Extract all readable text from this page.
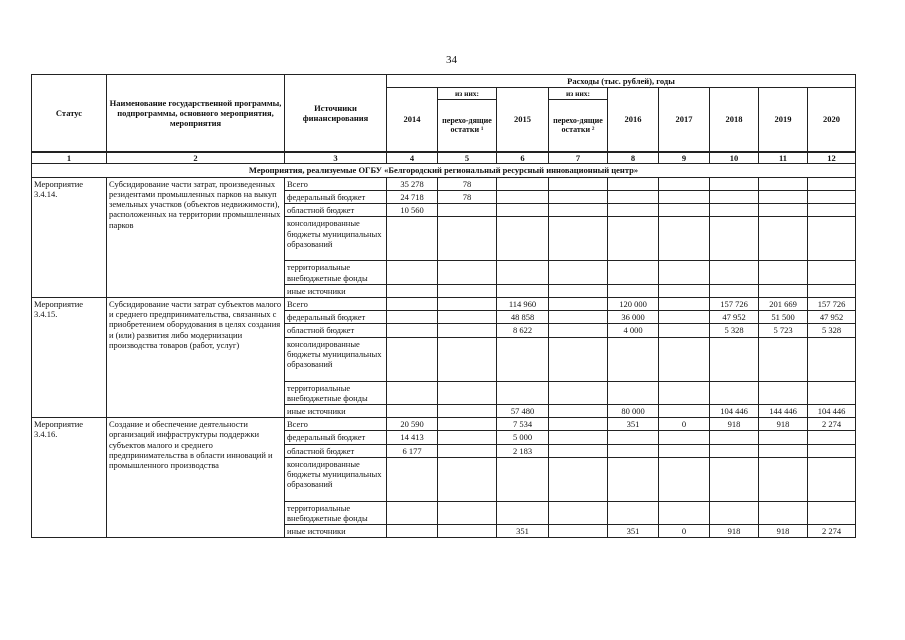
34
Статус	Наименование государственной программы, подпрограммы, основного мероприятия, мероприятия	Источники финансирования	Расходы (тыс. рублей), годы								
			2014	из них:	2015	из них:	2016	2017	2018	2019	2020
				перехо-дящие остатки ¹		перехо-дящие остатки ²					
1	2	3	4	5	6	7	8	9	10	11	12
Мероприятия, реализуемые ОГБУ «Белгородский региональный ресурсный инновационный центр»											
Мероприятие 3.4.14.	Субсидирование части затрат, произведенных резидентами промышленных парков на выкуп земельных участков (объектов недвижимости), расположенных на территории промышленных парков	Всего	35 278	78							
		федеральный бюджет	24 718	78							
		областной бюджет	10 560								
		консолидированные бюджеты муниципальных образований									
		территориальные внебюджетные фонды									
		иные источники									
Мероприятие 3.4.15.	Субсидирование части затрат субъектов малого и среднего предпринимательства, связанных с приобретением оборудования в целях создания и (или) развития либо модернизации производства товаров (работ, услуг)	Всего			114 960		120 000		157 726	201 669	157 726
		федеральный бюджет			48 858		36 000		47 952	51 500	47 952
		областной бюджет			8 622		4 000		5 328	5 723	5 328
		консолидированные бюджеты муниципальных образований									
		территориальные внебюджетные фонды									
		иные источники			57 480		80 000		104 446	144 446	104 446
Мероприятие 3.4.16.	Создание и обеспечение деятельности организаций инфраструктуры поддержки субъектов малого и среднего предпринимательства в области инноваций и промышленного производства	Всего	20 590		7 534		351	0	918	918	2 274
		федеральный бюджет	14 413		5 000						
		областной бюджет	6 177		2 183						
		консолидированные бюджеты муниципальных образований									
		территориальные внебюджетные фонды									
		иные источники			351		351	0	918	918	2 274
